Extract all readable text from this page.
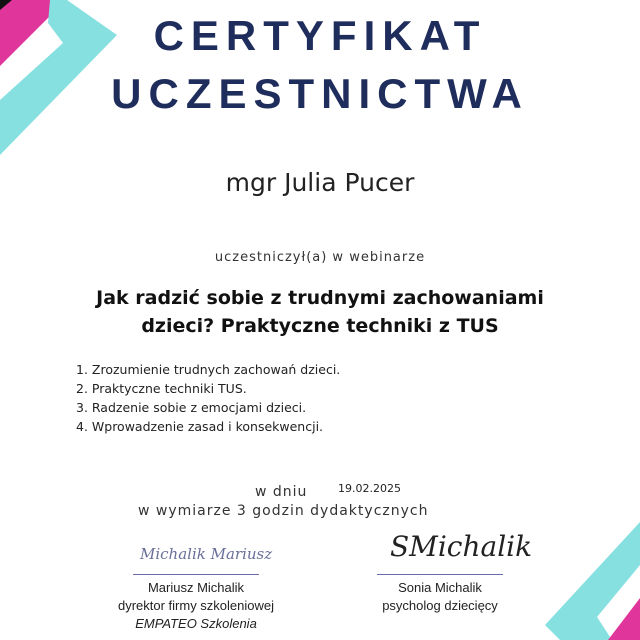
CERTYFIKAT
UCZESTNICTWA
mgr Julia Pucer
uczestniczył(a) w webinarze
Jak radzić sobie z trudnymi zachowaniami
dzieci? Praktyczne techniki z TUS
1. Zrozumienie trudnych zachowań dzieci.
2. Praktyczne techniki TUS.
3. Radzenie sobie z emocjami dzieci.
4. Wprowadzenie zasad i konsekwencji.
w dniu	19.02.2025
w wymiarze 3 godzin dydaktycznych
Michalik Mariusz	SMichalik
Mariusz Michalik
dyrektor firmy szkoleniowej
EMPATEO Szkolenia
Sonia Michalik
psycholog dziecięcy
